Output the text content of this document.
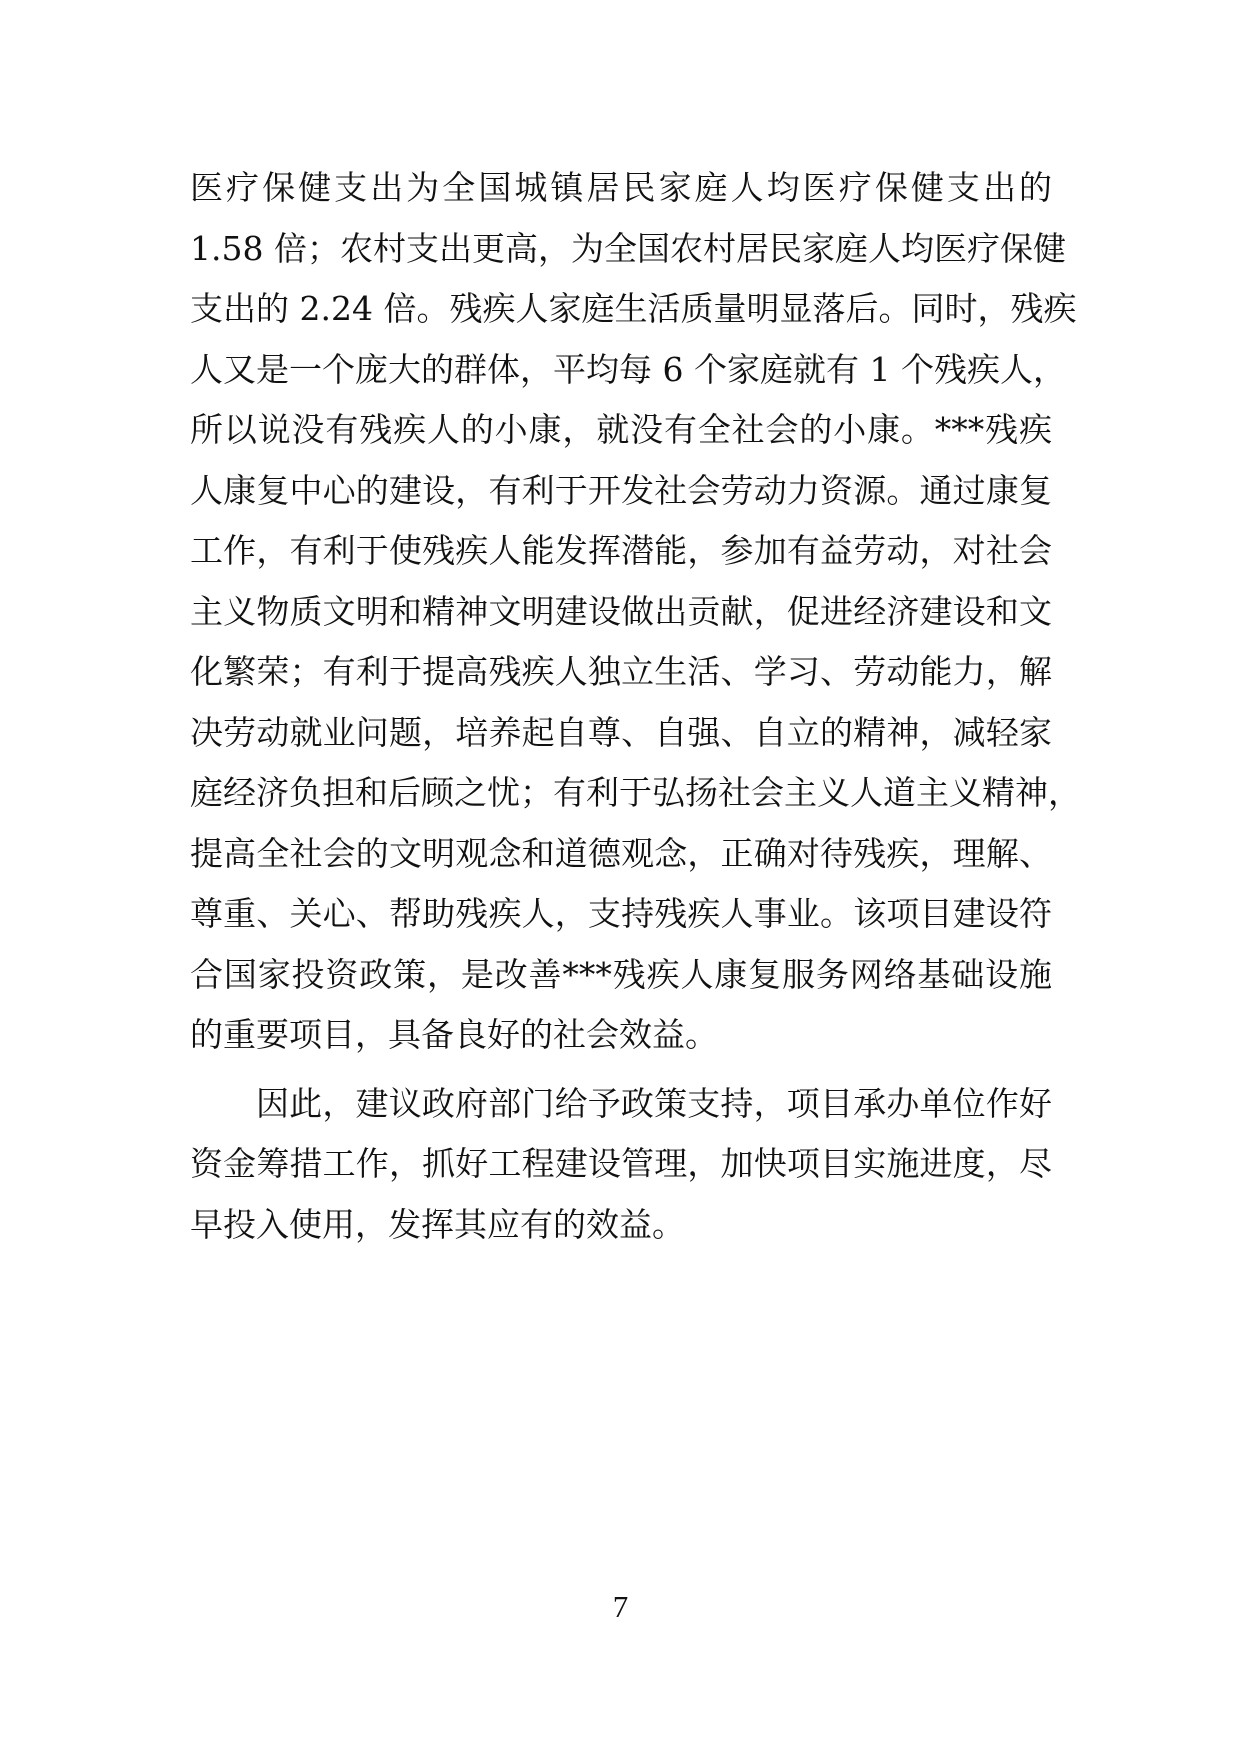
医疗保健支出为全国城镇居民家庭人均医疗保健支出的
1.58 倍；农村支出更高，为全国农村居民家庭人均医疗保健
支出的 2.24 倍。残疾人家庭生活质量明显落后。同时，残疾
人又是一个庞大的群体，平均每 6 个家庭就有 1 个残疾人，
所以说没有残疾人的小康，就没有全社会的小康。***残疾
人康复中心的建设，有利于开发社会劳动力资源。通过康复
工作，有利于使残疾人能发挥潜能，参加有益劳动，对社会
主义物质文明和精神文明建设做出贡献，促进经济建设和文
化繁荣；有利于提高残疾人独立生活、学习、劳动能力，解
决劳动就业问题，培养起自尊、自强、自立的精神，减轻家
庭经济负担和后顾之忧；有利于弘扬社会主义人道主义精神，
提高全社会的文明观念和道德观念，正确对待残疾，理解、
尊重、关心、帮助残疾人，支持残疾人事业。该项目建设符
合国家投资政策，是改善***残疾人康复服务网络基础设施
的重要项目，具备良好的社会效益。
因此，建议政府部门给予政策支持，项目承办单位作好
资金筹措工作，抓好工程建设管理，加快项目实施进度，尽
早投入使用，发挥其应有的效益。
7
